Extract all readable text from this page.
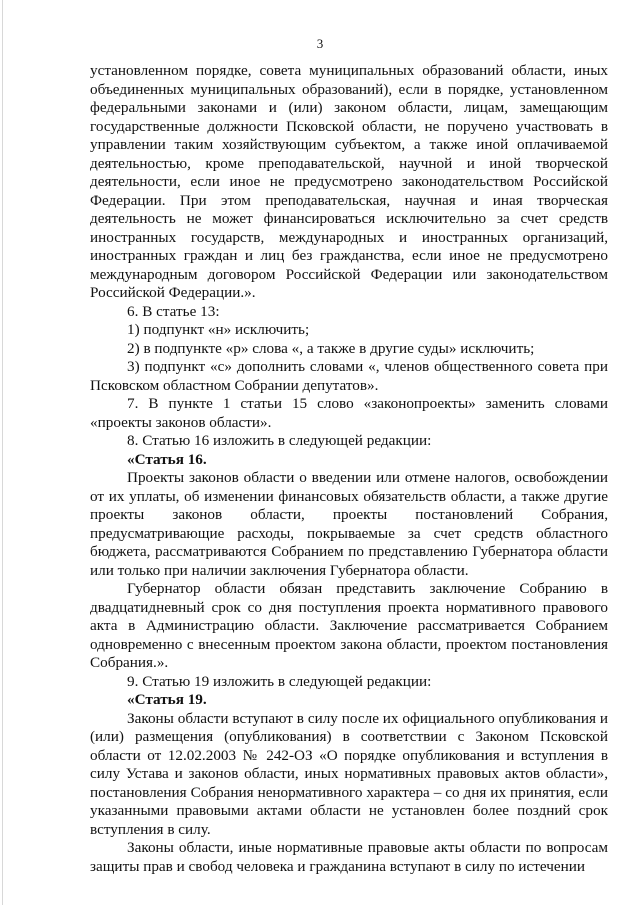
3

установленном порядке, совета муниципальных образований области, иных объединенных муниципальных образований), если в порядке, установленном федеральными законами и (или) законом области, лицам, замещающим государственные должности Псковской области, не поручено участвовать в управлении таким хозяйствующим субъектом, а также иной оплачиваемой деятельностью, кроме преподавательской, научной и иной творческой деятельности, если иное не предусмотрено законодательством Российской Федерации. При этом преподавательская, научная и иная творческая деятельность не может финансироваться исключительно за счет средств иностранных государств, международных и иностранных организаций, иностранных граждан и лиц без гражданства, если иное не предусмотрено международным договором Российской Федерации или законодательством Российской Федерации.».

6. В статье 13:

1) подпункт «н» исключить;

2) в подпункте «р» слова «, а также в другие суды» исключить;

3) подпункт «с» дополнить словами «, членов общественного совета при Псковском областном Собрании депутатов».

7. В пункте 1 статьи 15 слово «законопроекты» заменить словами «проекты законов области».

8. Статью 16 изложить в следующей редакции:

«Статья 16.

Проекты законов области о введении или отмене налогов, освобождении от их уплаты, об изменении финансовых обязательств области, а также другие проекты законов области, проекты постановлений Собрания, предусматривающие расходы, покрываемые за счет средств областного бюджета, рассматриваются Собранием по представлению Губернатора области или только при наличии заключения Губернатора области.

Губернатор области обязан представить заключение Собранию в двадцатидневный срок со дня поступления проекта нормативного правового акта в Администрацию области. Заключение рассматривается Собранием одновременно с внесенным проектом закона области, проектом постановления Собрания.».

9. Статью 19 изложить в следующей редакции:

«Статья 19.

Законы области вступают в силу после их официального опубликования и (или) размещения (опубликования) в соответствии с Законом Псковской области от 12.02.2003 № 242-ОЗ «О порядке опубликования и вступления в силу Устава и законов области, иных нормативных правовых актов области», постановления Собрания ненормативного характера – со дня их принятия, если указанными правовыми актами области не установлен более поздний срок вступления в силу.

Законы области, иные нормативные правовые акты области по вопросам защиты прав и свобод человека и гражданина вступают в силу по истечении
